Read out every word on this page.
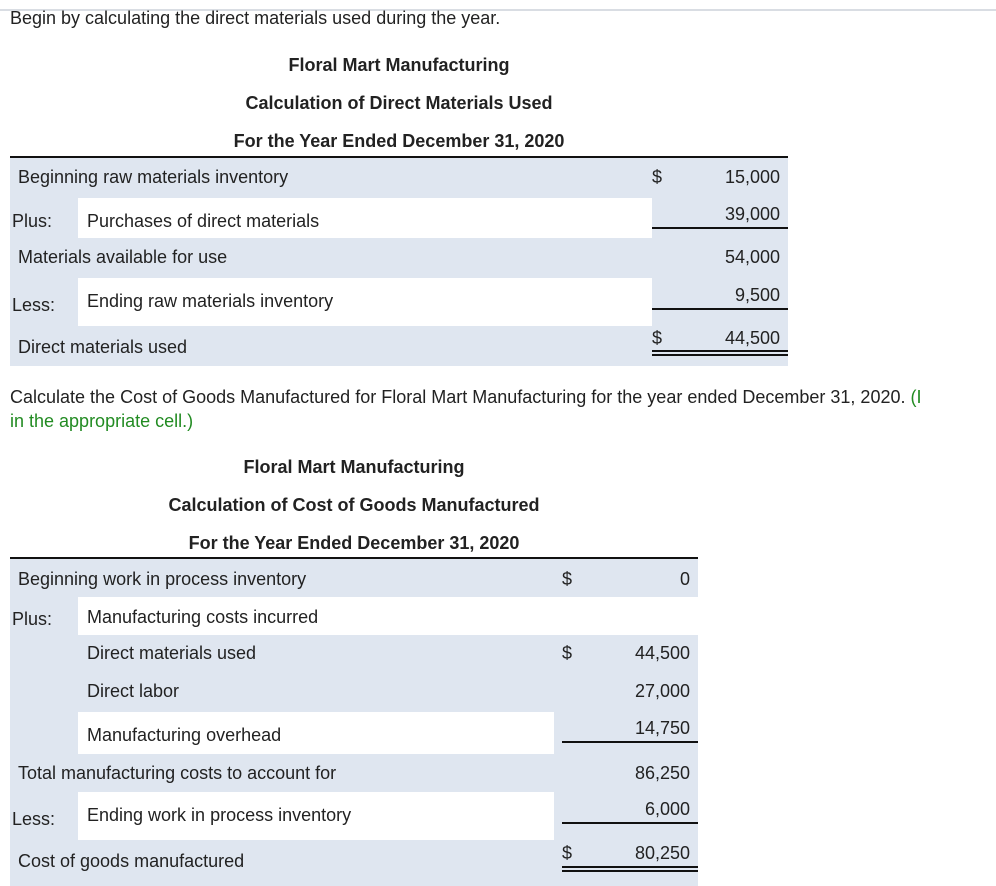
Begin by calculating the direct materials used during the year.
Floral Mart Manufacturing
Calculation of Direct Materials Used
For the Year Ended December 31, 2020
Beginning raw materials inventory	$	15,000
Plus: Purchases of direct materials	39,000
Materials available for use	54,000
Less: Ending raw materials inventory	9,500
Direct materials used	$	44,500
Calculate the Cost of Goods Manufactured for Floral Mart Manufacturing for the year ended December 31, 2020. (I
in the appropriate cell.)
Floral Mart Manufacturing
Calculation of Cost of Goods Manufactured
For the Year Ended December 31, 2020
Beginning work in process inventory	$	0
Plus: Manufacturing costs incurred
Direct materials used	$	44,500
Direct labor	27,000
Manufacturing overhead	14,750
Total manufacturing costs to account for	86,250
Less: Ending work in process inventory	6,000
Cost of goods manufactured	$	80,250
